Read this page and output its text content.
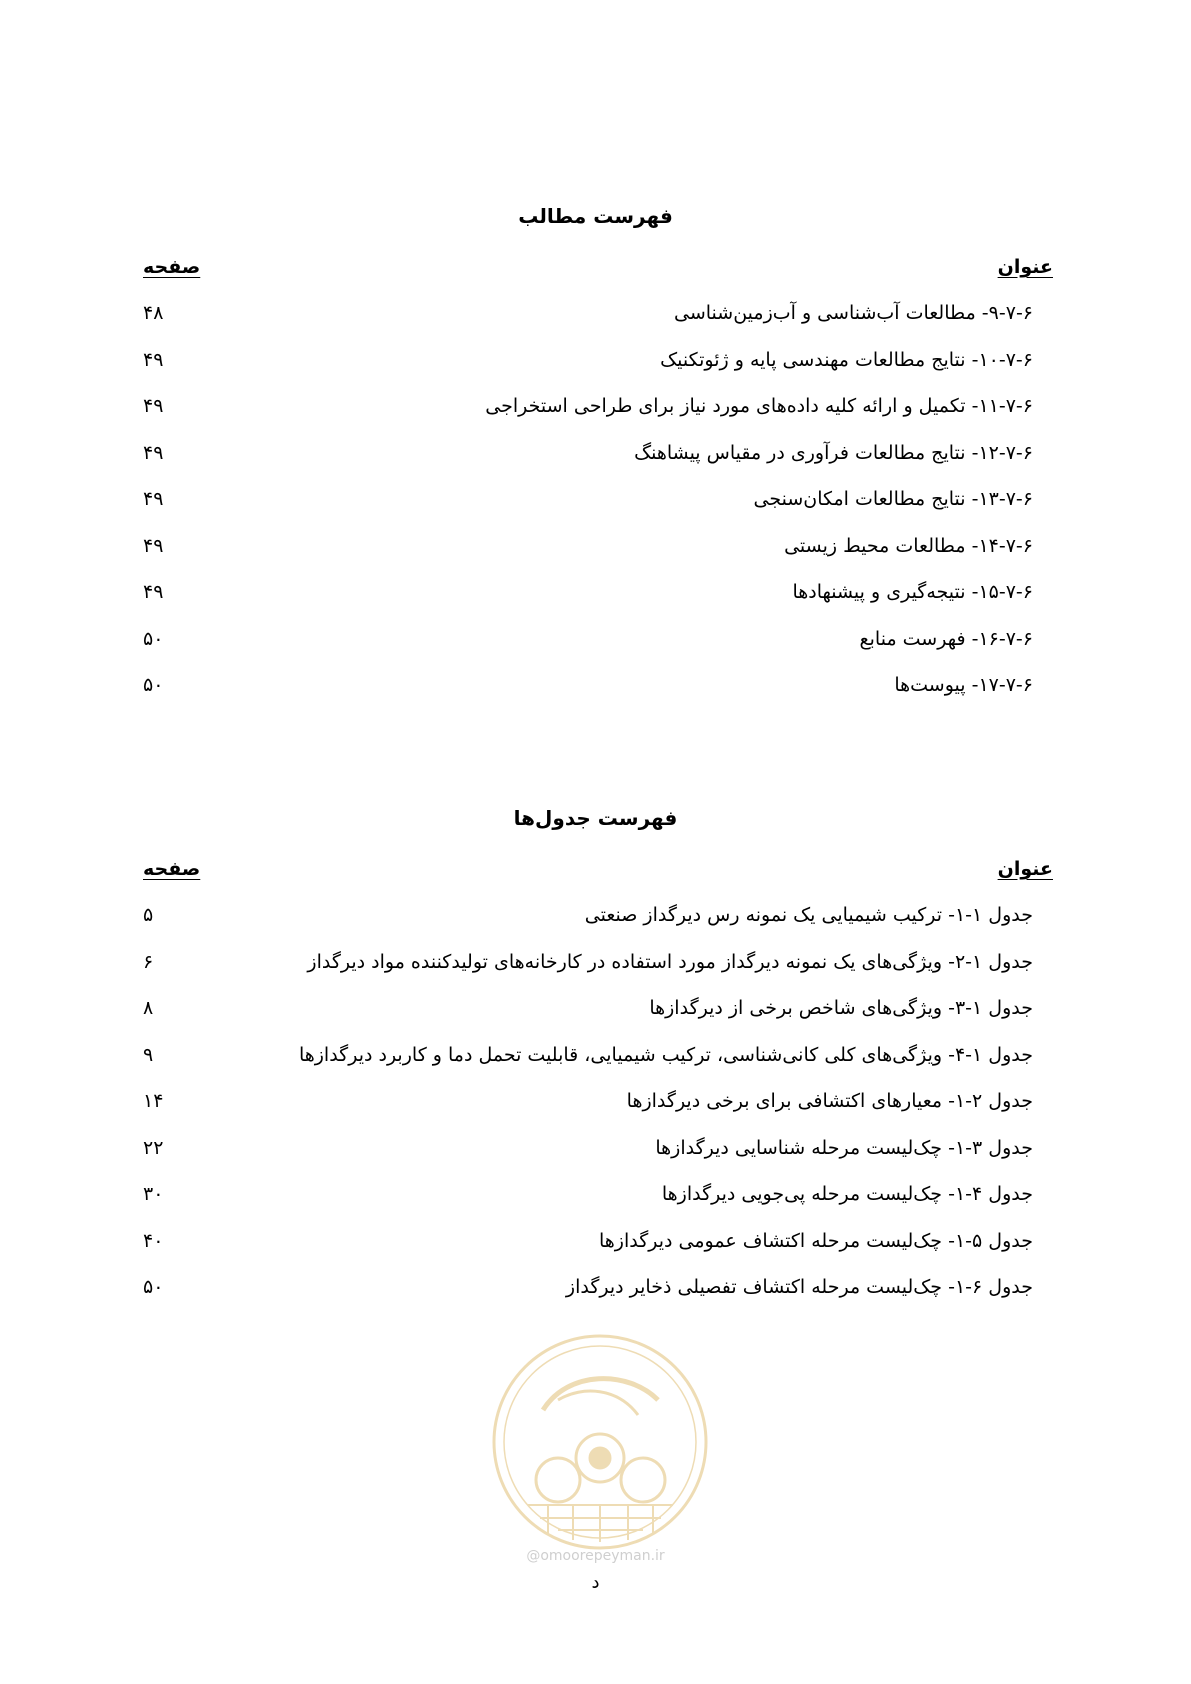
فهرست مطالب
عنوان
صفحه
۹-۷-۶- مطالعات آب‌شناسی و آب‌زمین‌شناسی
۴۸
۱۰-۷-۶- نتایج مطالعات مهندسی پایه و ژئوتکنیک
۴۹
۱۱-۷-۶- تکمیل و ارائه کلیه داده‌های مورد نیاز برای طراحی استخراجی
۴۹
۱۲-۷-۶- نتایج مطالعات فرآوری در مقیاس پیشاهنگ
۴۹
۱۳-۷-۶- نتایج مطالعات امکان‌سنجی
۴۹
۱۴-۷-۶- مطالعات محیط زیستی
۴۹
۱۵-۷-۶- نتیجه‌گیری و پیشنهادها
۴۹
۱۶-۷-۶- فهرست منابع
۵۰
۱۷-۷-۶- پیوست‌ها
۵۰
فهرست جدول‌ها
عنوان
صفحه
جدول ۱-۱- ترکیب شیمیایی یک نمونه رس دیرگداز صنعتی
۵
جدول ۱-۲- ویژگی‌های یک نمونه دیرگداز مورد استفاده در کارخانه‌های تولیدکننده مواد دیرگداز
۶
جدول ۱-۳- ویژگی‌های شاخص برخی از دیرگدازها
۸
جدول ۱-۴- ویژگی‌های کلی کانی‌شناسی، ترکیب شیمیایی، قابلیت تحمل دما و کاربرد دیرگدازها
۹
جدول ۲-۱- معیارهای اکتشافی برای برخی دیرگدازها
۱۴
جدول ۳-۱- چک‌لیست مرحله شناسایی دیرگدازها
۲۲
جدول ۴-۱- چک‌لیست مرحله پی‌جویی دیرگدازها
۳۰
جدول ۵-۱- چک‌لیست مرحله اکتشاف عمومی دیرگدازها
۴۰
جدول ۶-۱- چک‌لیست مرحله اکتشاف تفصیلی ذخایر دیرگداز
۵۰
@omoorepeyman.ir
د
